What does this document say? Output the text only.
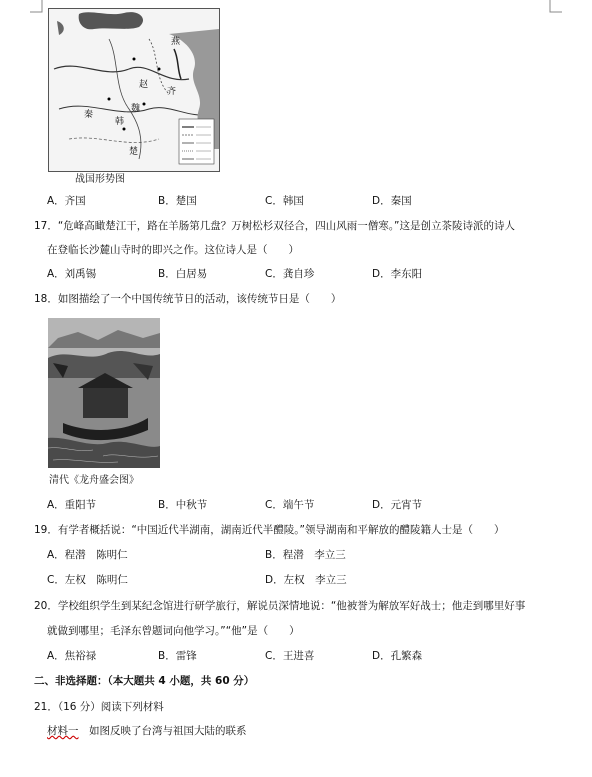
燕
齐
赵
魏
韩
秦
楚
战国形势图
A．齐国	B．楚国	C．韩国	D．秦国
17．“危峰高瞰楚江干，路在羊肠第几盘？万树松杉双径合，四山风雨一僧寒。”这是创立茶陵诗派的诗人
在登临长沙麓山寺时的即兴之作。这位诗人是（　　）
A．刘禹锡	B．白居易	C．龚自珍	D．李东阳
18．如图描绘了一个中国传统节日的活动，该传统节日是（　　）
清代《龙舟盛会图》
A．重阳节	B．中秋节	C．端午节	D．元宵节
19．有学者概括说：“中国近代半湖南，湖南近代半醴陵。”领导湖南和平解放的醴陵籍人士是（　　）
A．程潜　陈明仁	B．程潜　李立三
C．左权　陈明仁	D．左权　李立三
20．学校组织学生到某纪念馆进行研学旅行，解说员深情地说：“他被誉为解放军好战士；他走到哪里好事
就做到哪里；毛泽东曾题词向他学习。”“他”是（　　）
A．焦裕禄	B．雷锋	C．王进喜	D．孔繁森
二、非选择题：（本大题共 4 小题，共 60 分）
21．（16 分）阅读下列材料
材料一　如图反映了台湾与祖国大陆的联系
